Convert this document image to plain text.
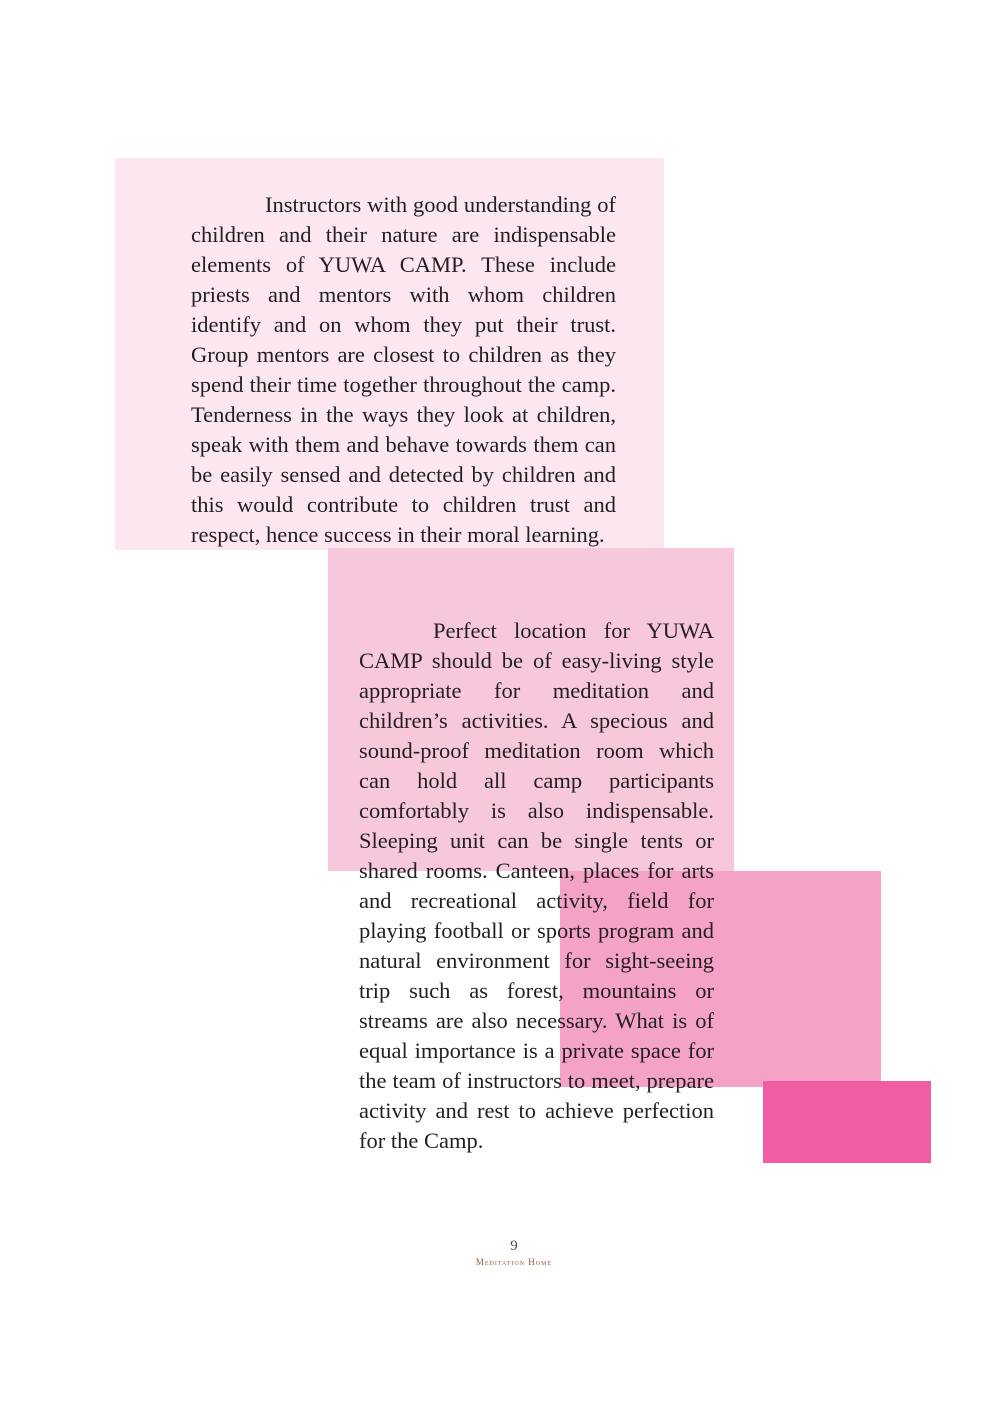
Instructors with good understanding of children and their nature are indispensable elements of YUWA CAMP. These include priests and mentors with whom children identify and on whom they put their trust. Group mentors are closest to children as they spend their time together throughout the camp. Tenderness in the ways they look at children, speak with them and behave towards them can be easily sensed and detected by children and this would contribute to children trust and respect, hence success in their moral learning.

Perfect location for YUWA CAMP should be of easy-living style appropriate for meditation and children’s activities. A specious and sound-proof meditation room which can hold all camp participants comfortably is also indispensable. Sleeping unit can be single tents or shared rooms. Canteen, places for arts and recreational activity, field for playing football or sports program and natural environment for sight-seeing trip such as forest, mountains or streams are also necessary. What is of equal importance is a private space for the team of instructors to meet, prepare activity and rest to achieve perfection for the Camp.

9
Meditation Home
